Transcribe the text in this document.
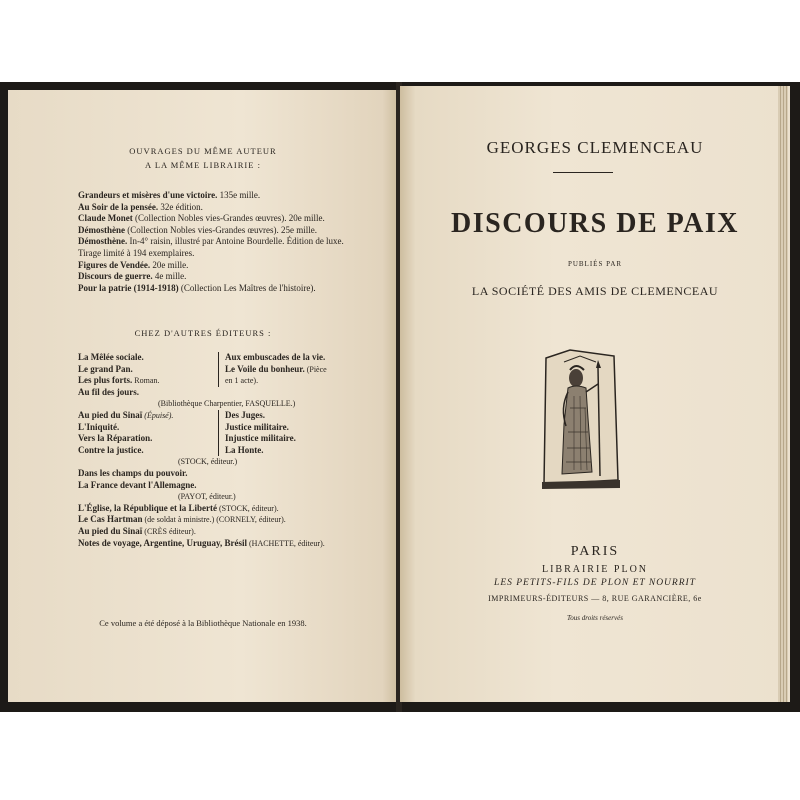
OUVRAGES DU MÊME AUTEUR
A LA MÊME LIBRAIRIE :
Grandeurs et misères d'une victoire. 135e mille.
Au Soir de la pensée. 32e édition.
Claude Monet (Collection Nobles vies-Grandes œuvres). 20e mille.
Démosthène (Collection Nobles vies-Grandes œuvres). 25e mille.
Démosthène. In-4° raisin, illustré par Antoine Bourdelle. Édition de luxe. Tirage limité à 194 exemplaires.
Figures de Vendée. 20e mille.
Discours de guerre. 4e mille.
Pour la patrie (1914-1918) (Collection Les Maîtres de l'histoire).
CHEZ D'AUTRES ÉDITEURS :
La Mêlée sociale.	Aux embuscades de la vie.
Le grand Pan.	Le Voile du bonheur. (Pièce
Les plus forts. Roman.	en 1 acte).
Au fil des jours.
(Bibliothèque Charpentier, FASQUELLE.)
Au pied du Sinaï (Épuisé).	Des Juges.
L'Iniquité.	Justice militaire.
Vers la Réparation.	Injustice militaire.
Contre la justice.	La Honte.
(STOCK, éditeur.)
Dans les champs du pouvoir.
La France devant l'Allemagne.
(PAYOT, éditeur.)
L'Église, la République et la Liberté (STOCK, éditeur).
Le Cas Hartman (de soldat à ministre.) (CORNELY, éditeur).
Au pied du Sinaï (CRÈS éditeur).
Notes de voyage, Argentine, Uruguay, Brésil (HACHETTE, éditeur).
Ce volume a été déposé à la Bibliothèque Nationale en 1938.
GEORGES CLEMENCEAU
DISCOURS DE PAIX
PUBLIÉS PAR
LA SOCIÉTÉ DES AMIS DE CLEMENCEAU
PARIS
LIBRAIRIE PLON
LES PETITS-FILS DE PLON ET NOURRIT
IMPRIMEURS-ÉDITEURS — 8, RUE GARANCIÈRE, 6e
Tous droits réservés
